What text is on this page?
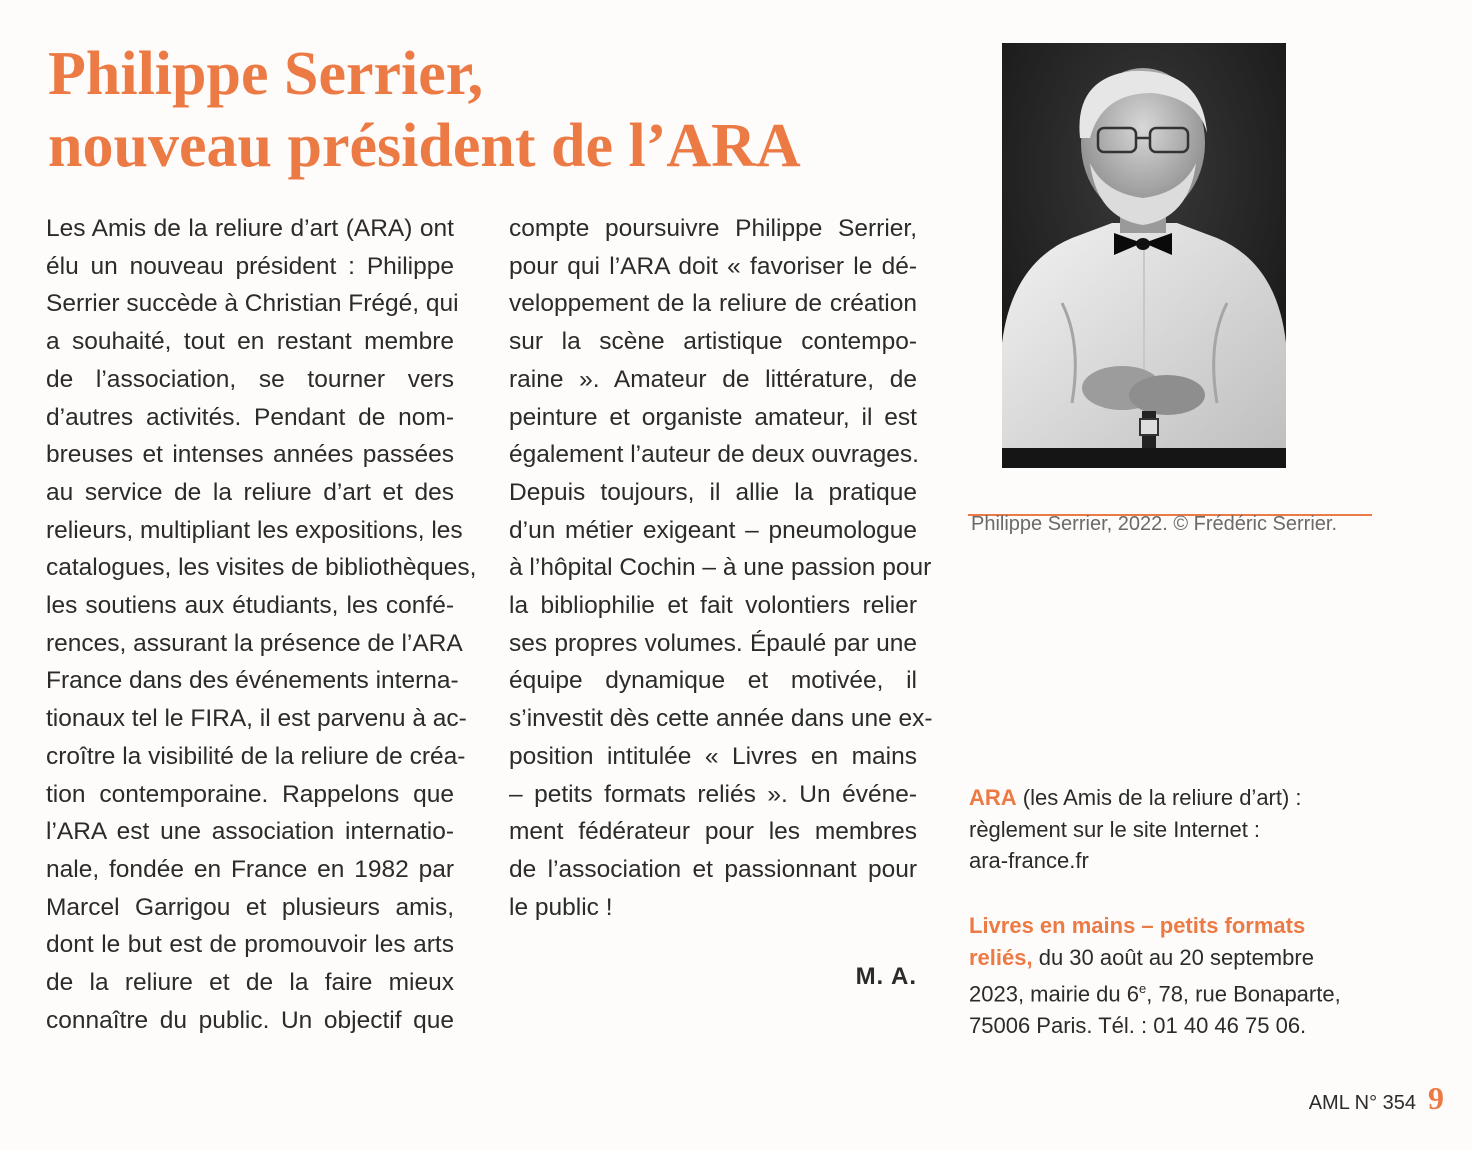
Philippe Serrier,
nouveau président de l’ARA
Les Amis de la reliure d’art (ARA) ont
élu un nouveau président : Philippe
Serrier succède à Christian Frégé, qui
a souhaité, tout en restant membre
de l’association, se tourner vers
d’autres activités. Pendant de nom-
breuses et intenses années passées
au service de la reliure d’art et des
relieurs, multipliant les expositions, les
catalogues, les visites de bibliothèques,
les soutiens aux étudiants, les confé-
rences, assurant la présence de l’ARA
France dans des événements interna-
tionaux tel le FIRA, il est parvenu à ac-
croître la visibilité de la reliure de créa-
tion contemporaine. Rappelons que
l’ARA est une association internatio-
nale, fondée en France en 1982 par
Marcel Garrigou et plusieurs amis,
dont le but est de promouvoir les arts
de la reliure et de la faire mieux
connaître du public. Un objectif que
compte poursuivre Philippe Serrier,
pour qui l’ARA doit « favoriser le dé-
veloppement de la reliure de création
sur la scène artistique contempo-
raine ». Amateur de littérature, de
peinture et organiste amateur, il est
également l’auteur de deux ouvrages.
Depuis toujours, il allie la pratique
d’un métier exigeant – pneumologue
à l’hôpital Cochin – à une passion pour
la bibliophilie et fait volontiers relier
ses propres volumes. Épaulé par une
équipe dynamique et motivée, il
s’investit dès cette année dans une ex-
position intitulée « Livres en mains
– petits formats reliés ». Un événe-
ment fédérateur pour les membres
de l’association et passionnant pour
le public !
M. A.
Philippe Serrier, 2022. © Frédéric Serrier.
ARA (les Amis de la reliure d’art) :
règlement sur le site Internet :
ara-france.fr
Livres en mains – petits formats
reliés, du 30 août au 20 septembre
2023, mairie du 6e, 78, rue Bonaparte,
75006 Paris. Tél. : 01 40 46 75 06.
AML N° 354 9
